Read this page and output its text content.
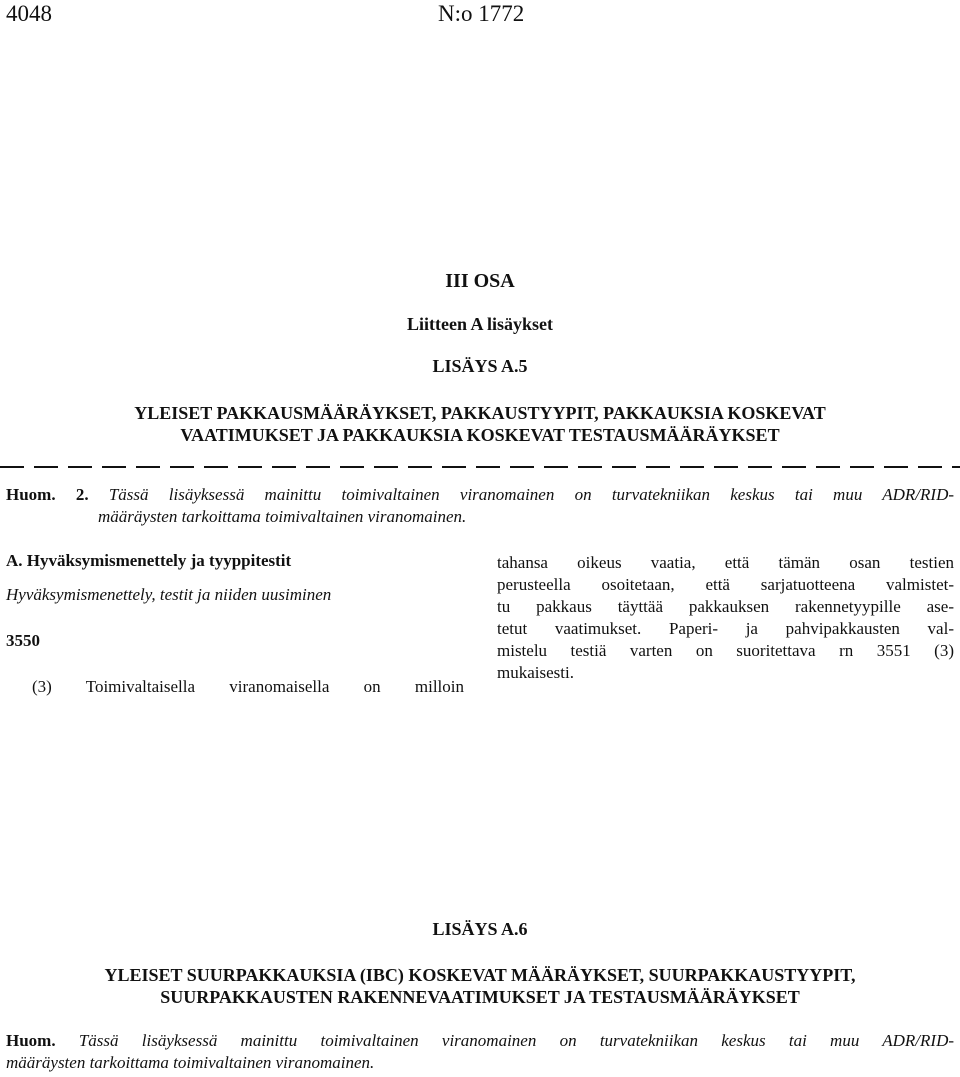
4048	N:o 1772
III OSA
Liitteen A lisäykset
LISÄYS A.5
YLEISET PAKKAUSMÄÄRÄYKSET, PAKKAUSTYYPIT, PAKKAUKSIA KOSKEVAT
VAATIMUKSET JA PAKKAUKSIA KOSKEVAT TESTAUSMÄÄRÄYKSET
Huom. 2. Tässä lisäyksessä mainittu toimivaltainen viranomainen on turvatekniikan keskus tai muu ADR/RID-
määräysten tarkoittama toimivaltainen viranomainen.
A. Hyväksymismenettely ja tyyppitestit
Hyväksymismenettely, testit ja niiden uusiminen
3550
(3) Toimivaltaisella viranomaisella on milloin
tahansa oikeus vaatia, että tämän osan testien
perusteella osoitetaan, että sarjatuotteena valmistet-
tu pakkaus täyttää pakkauksen rakennetyypille ase-
tetut vaatimukset. Paperi- ja pahvipakkausten val-
mistelu testiä varten on suoritettava rn 3551 (3)
mukaisesti.
LISÄYS A.6
YLEISET SUURPAKKAUKSIA (IBC) KOSKEVAT MÄÄRÄYKSET, SUURPAKKAUSTYYPIT,
SUURPAKKAUSTEN RAKENNEVAATIMUKSET JA TESTAUSMÄÄRÄYKSET
Huom. Tässä lisäyksessä mainittu toimivaltainen viranomainen on turvatekniikan keskus tai muu ADR/RID-
määräysten tarkoittama toimivaltainen viranomainen.
